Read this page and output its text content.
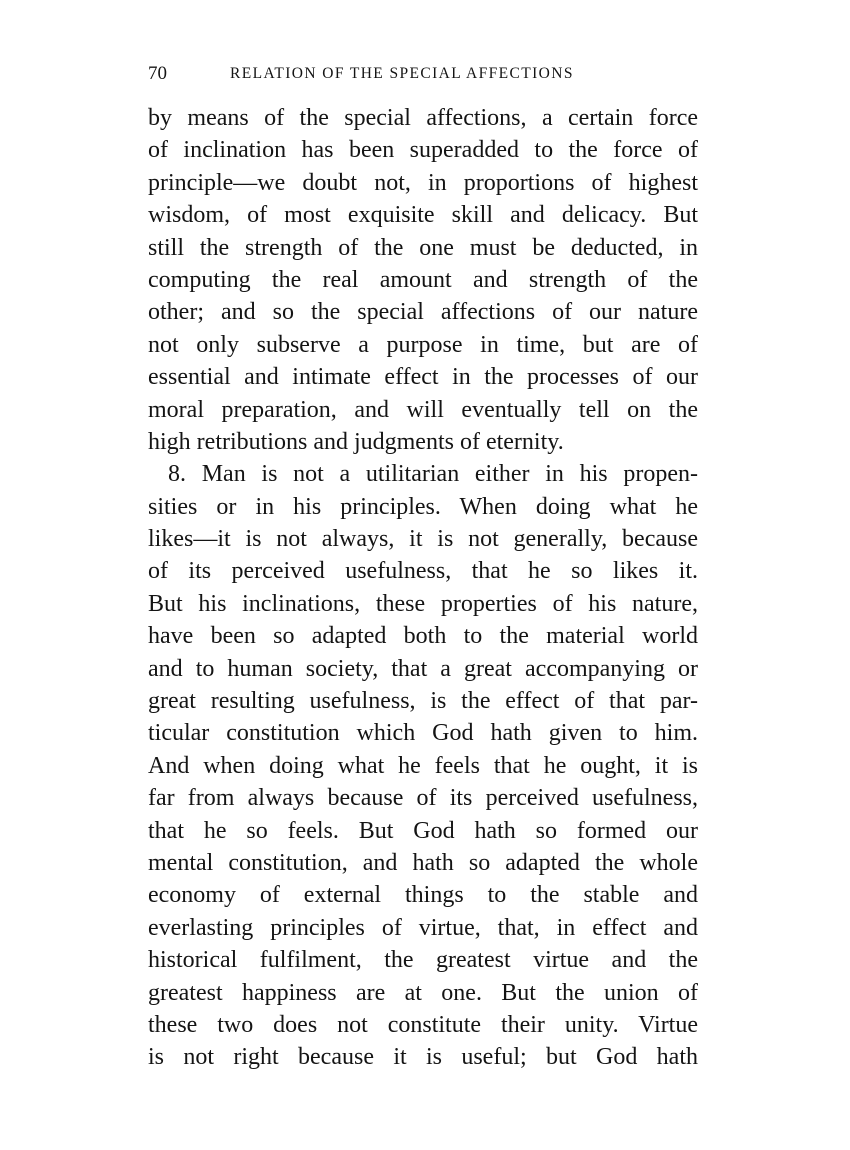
70	RELATION OF THE SPECIAL AFFECTIONS
by means of the special affections, a certain force
of inclination has been superadded to the force of
principle—we doubt not, in proportions of highest
wisdom, of most exquisite skill and delicacy. But
still the strength of the one must be deducted, in
computing the real amount and strength of the
other; and so the special affections of our nature
not only subserve a purpose in time, but are of
essential and intimate effect in the processes of our
moral preparation, and will eventually tell on the
high retributions and judgments of eternity.
8. Man is not a utilitarian either in his propen-
sities or in his principles. When doing what he
likes—it is not always, it is not generally, because
of its perceived usefulness, that he so likes it.
But his inclinations, these properties of his nature,
have been so adapted both to the material world
and to human society, that a great accompanying or
great resulting usefulness, is the effect of that par-
ticular constitution which God hath given to him.
And when doing what he feels that he ought, it is
far from always because of its perceived usefulness,
that he so feels. But God hath so formed our
mental constitution, and hath so adapted the whole
economy of external things to the stable and
everlasting principles of virtue, that, in effect and
historical fulfilment, the greatest virtue and the
greatest happiness are at one. But the union of
these two does not constitute their unity. Virtue
is not right because it is useful; but God hath
